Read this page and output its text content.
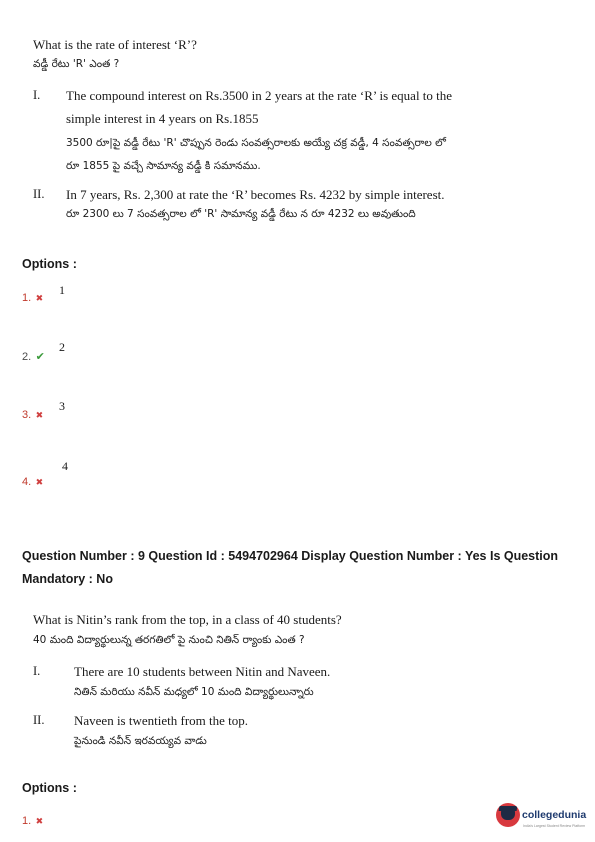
What is the rate of interest ‘R’?
వడ్డీ రేటు 'R' ఎంత ?
I. The compound interest on Rs.3500 in 2 years at the rate ‘R’ is equal to the
simple interest in 4 years on Rs.1855
3500 రూ|పై వడ్డీ రేటు 'R' చొప్పున రెండు సంవత్సరాలకు అయ్యే చక్ర వడ్డీ, 4 సంవత్సరాల లో
రూ 1855 పై వచ్చే సామాన్య వడ్డీ కి సమానము.
II. In 7 years, Rs. 2,300 at rate the ‘R’ becomes Rs. 4232 by simple interest.
రూ 2300 లు 7 సంవత్సరాల లో 'R' సామాన్య వడ్డీ రేటు న రూ 4232 లు అవుతుంది
Options :
1. ✖
1
2. ✔
2
3. ✖
3
4. ✖
4
Question Number : 9 Question Id : 5494702964 Display Question Number : Yes Is Question
Mandatory : No
What is Nitin’s rank from the top, in a class of 40 students?
40 మంది విద్యార్థులున్న తరగతిలో పై నుంచి నితిన్ ర్యాంకు ఎంత ?
I.	There are 10 students between Nitin and Naveen.
నితిన్ మరియు నవీన్ మధ్యలో 10 మంది విద్యార్థులున్నారు
II. Naveen is twentieth from the top.
పైనుండి నవీన్ ఇరవయ్యవ వాడు
Options :
1. ✖	collegedunia
India's Largest Student Review Platform
